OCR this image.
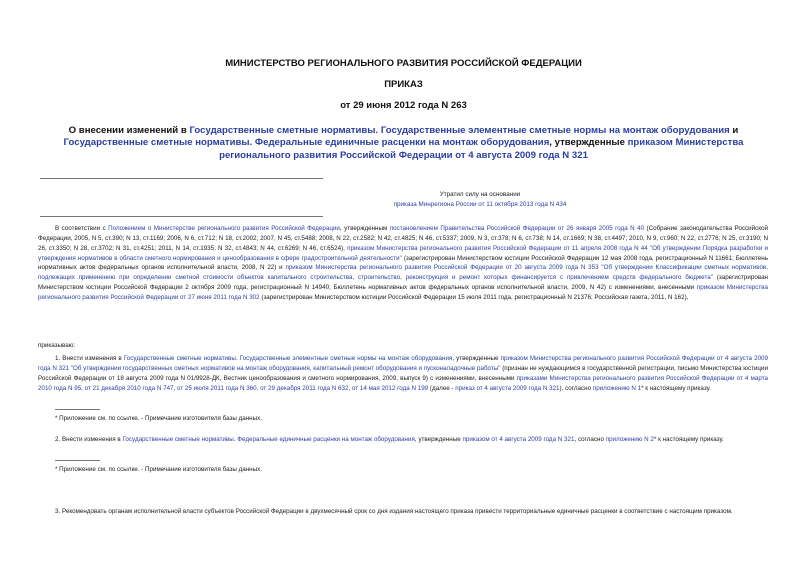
МИНИСТЕРСТВО РЕГИОНАЛЬНОГО РАЗВИТИЯ РОССИЙСКОЙ ФЕДЕРАЦИИ
ПРИКАЗ
от 29 июня 2012 года N 263
О внесении изменений в Государственные сметные нормативы. Государственные элементные сметные нормы на монтаж оборудования и Государственные сметные нормативы. Федеральные единичные расценки на монтаж оборудования, утвержденные приказом Министерства регионального развития Российской Федерации от 4 августа 2009 года N 321
Утратил силу на основании
приказа Минрегиона России от 11 октября 2013 года N 434
В соответствии с Положением о Министерстве регионального развития Российской Федерации, утвержденным постановлением Правительства Российской Федерации от 26 января 2005 года N 40 (Собрание законодательства Российской Федерации, 2005, N 5, ст.390; N 13, ст.1169; 2006, N 6, ст.712; N 18, ст.2002; 2007, N 45, ст.5488; 2008, N 22, ст.2582; N 42, ст.4825; N 46, ст.5337; 2009, N 3, ст.378; N 6, ст.738; N 14, ст.1669; N 38, ст.4497; 2010, N 9, ст.960; N 22, ст.2776; N 25, ст.3190; N 26, ст.3350; N 28, ст.3702; N 31, ст.4251; 2011, N 14, ст.1935; N 32, ст.4843; N 44, ст.6269; N 46, ст.6524), приказом Министерства регионального развития Российской Федерации от 11 апреля 2008 года N 44 "Об утверждении Порядка разработки и утверждения нормативов в области сметного нормирования и ценообразования в сфере градостроительной деятельности" (зарегистрирован Министерством юстиции Российской Федерации 12 мая 2008 года, регистрационный N 11661; Бюллетень нормативных актов федеральных органов исполнительной власти, 2008, N 22) и приказом Министерства регионального развития Российской Федерации от 20 августа 2009 года N 353 "Об утверждении Классификации сметных нормативов, подлежащих применению при определении сметной стоимости объектов капитального строительства, строительство, реконструкция и ремонт которых финансируется с привлечением средств федерального бюджета" (зарегистрирован Министерством юстиции Российской Федерации 2 октября 2009 года, регистрационный N 14940; Бюллетень нормативных актов федеральных органов исполнительной власти, 2009, N 42) с изменениями, внесенными приказом Министерства регионального развития Российской Федерации от 27 июня 2011 года N 302 (зарегистрирован Министерством юстиции Российской Федерации 15 июля 2011 года, регистрационный N 21376; Российская газета, 2011, N 162),
приказываю:
1. Внести изменения в Государственные сметные нормативы. Государственные элементные сметные нормы на монтаж оборудования, утвержденные приказом Министерства регионального развития Российской Федерации от 4 августа 2009 года N 321 "Об утверждении государственных сметных нормативов на монтаж оборудования, капитальный ремонт оборудования и пусконаладочные работы" (признан не нуждающимся в государственной регистрации, письмо Министерства юстиции Российской Федерации от 18 августа 2009 года N 01/9928-ДК, Вестник ценообразования и сметного нормирования, 2009, выпуск 9) с изменениями, внесенными приказами Министерства регионального развития Российской Федерации от 4 марта 2010 года N 95, от 21 декабря 2010 года N 747, от 25 июля 2011 года N 360, от 29 декабря 2011 года N 632, от 14 мая 2012 года N 199 (далее - приказ от 4 августа 2009 года N 321), согласно приложению N 1* к настоящему приказу.
* Приложение см. по ссылке. - Примечание изготовителя базы данных.
2. Внести изменения в Государственные сметные нормативы. Федеральные единичные расценки на монтаж оборудования, утвержденные приказом от 4 августа 2009 года N 321, согласно приложению N 2* к настоящему приказу.
* Приложение см. по ссылке. - Примечание изготовителя базы данных.
3. Рекомендовать органам исполнительной власти субъектов Российской Федерации в двухмесячный срок со дня издания настоящего приказа привести территориальные единичные расценки в соответствие с настоящим приказом.
